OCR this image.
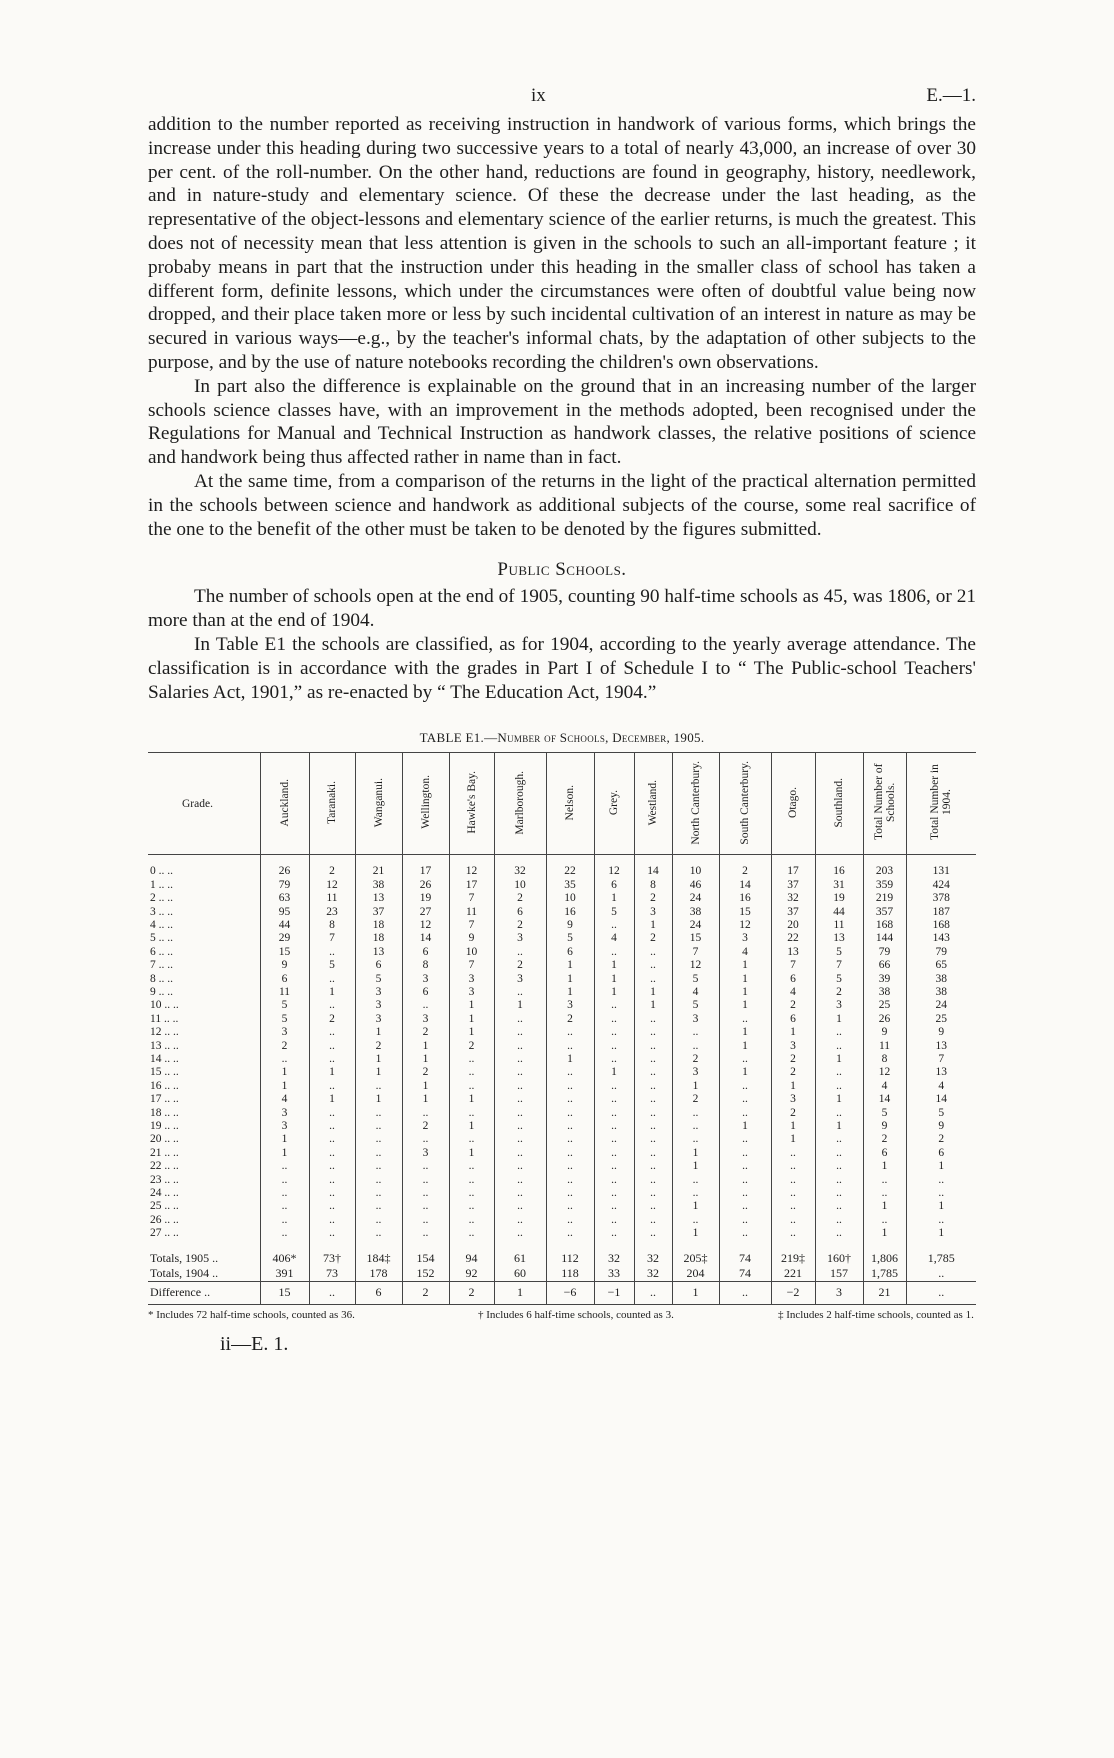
ix	E.—1.

addition to the number reported as receiving instruction in handwork of various forms, which brings the increase under this heading during two successive years to a total of nearly 43,000, an increase of over 30 per cent. of the roll-number. On the other hand, reductions are found in geography, history, needlework, and in nature-study and elementary science. Of these the decrease under the last heading, as the representative of the object-lessons and elementary science of the earlier returns, is much the greatest. This does not of necessity mean that less attention is given in the schools to such an all-important feature ; it probaby means in part that the instruction under this heading in the smaller class of school has taken a different form, definite lessons, which under the circumstances were often of doubtful value being now dropped, and their place taken more or less by such incidental cultivation of an interest in nature as may be secured in various ways—e.g., by the teacher's informal chats, by the adaptation of other subjects to the purpose, and by the use of nature notebooks recording the children's own observations.

In part also the difference is explainable on the ground that in an increasing number of the larger schools science classes have, with an improvement in the methods adopted, been recognised under the Regulations for Manual and Technical Instruction as handwork classes, the relative positions of science and handwork being thus affected rather in name than in fact.

At the same time, from a comparison of the returns in the light of the practical alternation permitted in the schools between science and handwork as additional subjects of the course, some real sacrifice of the one to the benefit of the other must be taken to be denoted by the figures submitted.

Public Schools.

The number of schools open at the end of 1905, counting 90 half-time schools as 45, was 1806, or 21 more than at the end of 1904.

In Table E1 the schools are classified, as for 1904, according to the yearly average attendance. The classification is in accordance with the grades in Part I of Schedule I to “ The Public-school Teachers' Salaries Act, 1901,” as re-enacted by “ The Education Act, 1904.”

TABLE E1.—Number of Schools, December, 1905.
Grade.	Auckland.	Taranaki.	Wanganui.	Wellington.	Hawke's Bay.	Marlborough.	Nelson.	Grey.	Westland.	North Canterbury.	South Canterbury.	Otago.	Southland.	Total Number of Schools.	Total Number in 1904.

0 .. ..	26	2	21	17	12	32	22	12	14	10	2	17	16	203	131
1 .. ..	79	12	38	26	17	10	35	6	8	46	14	37	31	359	424
2 .. ..	63	11	13	19	7	2	10	1	2	24	16	32	19	219	378
3 .. ..	95	23	37	27	11	6	16	5	3	38	15	37	44	357	187
4 .. ..	44	8	18	12	7	2	9	..	1	24	12	20	11	168	168
5 .. ..	29	7	18	14	9	3	5	4	2	15	3	22	13	144	143
6 .. ..	15	..	13	6	10	..	6	..	..	7	4	13	5	79	79
7 .. ..	9	5	6	8	7	2	1	1	..	12	1	7	7	66	65
8 .. ..	6	..	5	3	3	3	1	1	..	5	1	6	5	39	38
9 .. ..	11	1	3	6	3	..	1	1	1	4	1	4	2	38	38
10 .. ..	5	..	3	..	1	1	3	..	1	5	1	2	3	25	24
11 .. ..	5	2	3	3	1	..	2	..	..	3	..	6	1	26	25
12 .. ..	3	..	1	2	1	..	..	..	..	..	1	1	..	9	9
13 .. ..	2	..	2	1	2	..	..	..	..	..	1	3	..	11	13
14 .. ..	..	..	1	1	..	..	1	..	..	2	..	2	1	8	7
15 .. ..	1	1	1	2	..	..	..	1	..	3	1	2	..	12	13
16 .. ..	1	..	..	1	..	..	..	..	..	1	..	1	..	4	4
17 .. ..	4	1	1	1	1	..	..	..	..	2	..	3	1	14	14
18 .. ..	3	..	..	..	..	..	..	..	..	..	..	2	..	5	5
19 .. ..	3	..	..	2	1	..	..	..	..	..	1	1	1	9	9
20 .. ..	1	..	..	..	..	..	..	..	..	..	..	1	..	2	2
21 .. ..	1	..	..	3	1	..	..	..	..	1	..	..	..	6	6
22 .. ..	..	..	..	..	..	..	..	..	..	1	..	..	..	1	1
23 .. ..	..	..	..	..	..	..	..	..	..	..	..	..	..	..	..
24 .. ..	..	..	..	..	..	..	..	..	..	..	..	..	..	..	..
25 .. ..	..	..	..	..	..	..	..	..	..	1	..	..	..	1	1
26 .. ..	..	..	..	..	..	..	..	..	..	..	..	..	..	..	..
27 .. ..	..	..	..	..	..	..	..	..	..	1	..	..	..	1	1

Totals, 1905 ..	406*	73†	184‡	154	94	61	112	32	32	205‡	74	219‡	160†	1,806	1,785
Totals, 1904 ..	391	73	178	152	92	60	118	33	32	204	74	221	157	1,785	..
Difference ..	15	..	6	2	2	1	−6	−1	..	1	..	−2	3	21	..
* Includes 72 half-time schools, counted as 36.	† Includes 6 half-time schools, counted as 3.	‡ Includes 2 half-time schools, counted as 1.
ii—E. 1.
